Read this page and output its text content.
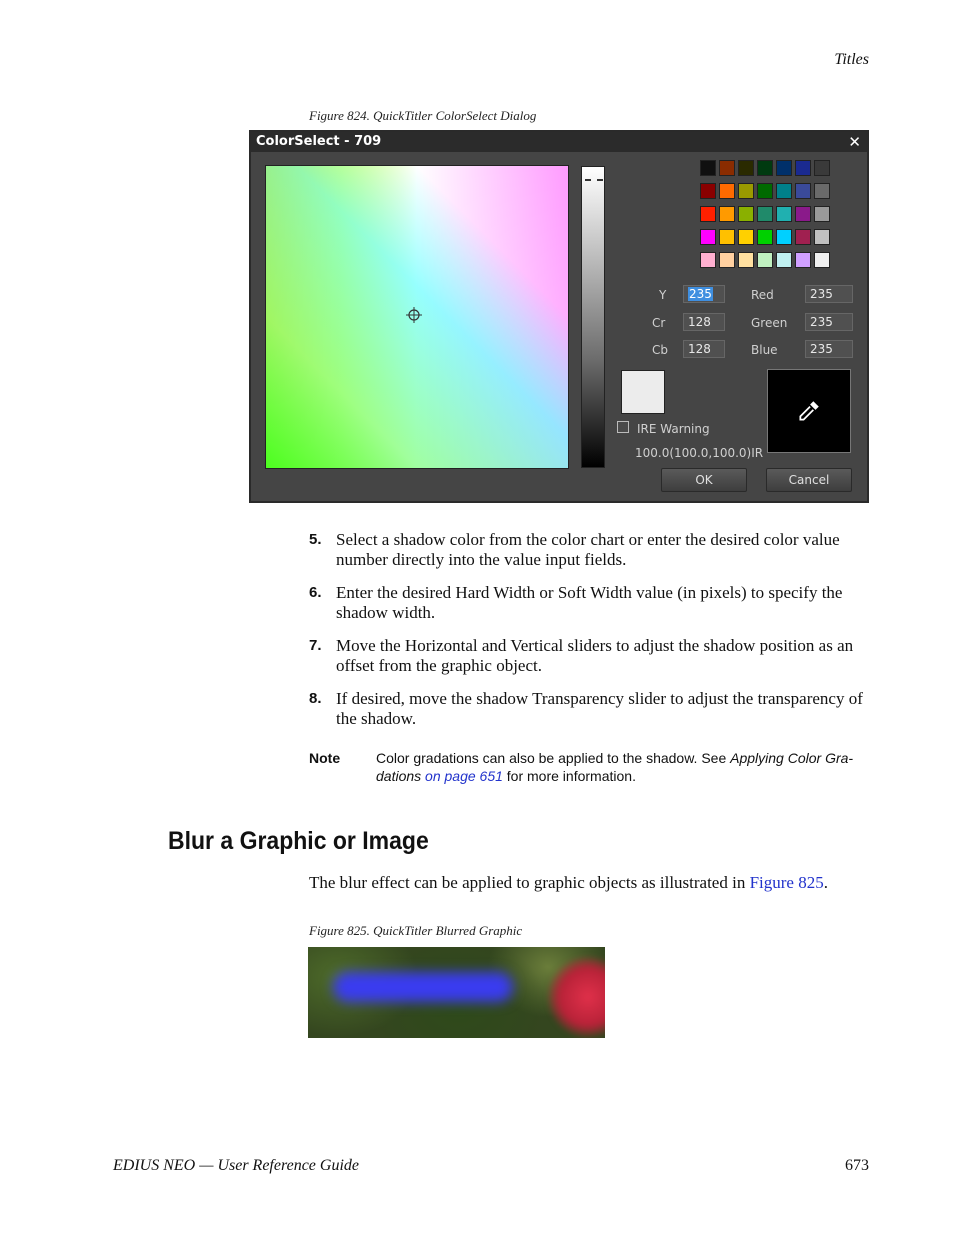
Titles
Figure 824. QuickTitler ColorSelect Dialog
ColorSelect - 709	✕
Y	235
Cr	128
Cb	128
Red	235
Green	235
Blue	235
IRE Warning
100.0(100.0,100.0)IR
OK	Cancel
5. Select a shadow color from the color chart or enter the desired color value number directly into the value input fields.
6. Enter the desired Hard Width or Soft Width value (in pixels) to specify the shadow width.
7. Move the Horizontal and Vertical sliders to adjust the shadow position as an offset from the graphic object.
8. If desired, move the shadow Transparency slider to adjust the transparency of the shadow.
Note	Color gradations can also be applied to the shadow. See Applying Color Gra- dations on page 651 for more information.
Blur a Graphic or Image
The blur effect can be applied to graphic objects as illustrated in Figure 825.
Figure 825. QuickTitler Blurred Graphic
EDIUS NEO — User Reference Guide	673
